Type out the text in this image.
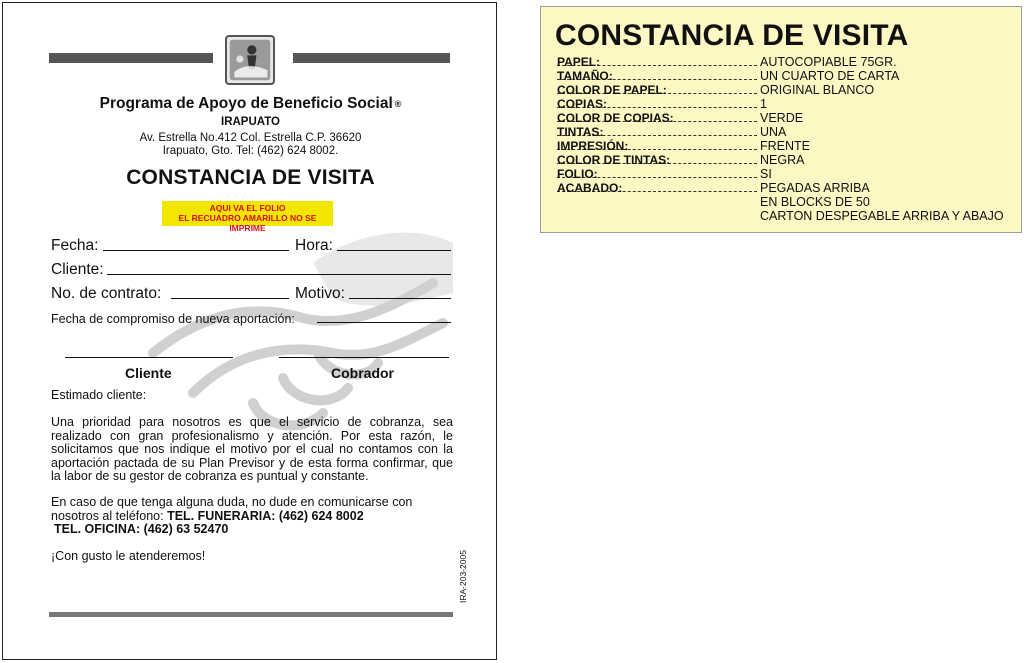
Programa de Apoyo de Beneficio Social ®
IRAPUATO
Av. Estrella No.412 Col. Estrella C.P. 36620
Irapuato, Gto. Tel: (462) 624 8002.
CONSTANCIA DE VISITA
AQUI VA EL FOLIO
EL RECUADRO AMARILLO NO SE IMPRIME
Fecha:	Hora:
Cliente:
No. de contrato:	Motivo:
Fecha de compromiso de nueva aportación:
Cliente	Cobrador
Estimado cliente:
Una prioridad para nosotros es que el servicio de cobranza, sea realizado con gran profesionalismo y atención. Por esta razón, le solicitamos que nos indique el motivo por el cual no contamos con la aportación pactada de su Plan Previsor y de esta forma confirmar, que la labor de su gestor de cobranza es puntual y constante.
En caso de que tenga alguna duda, no dude en comunicarse con nosotros al teléfono: TEL. FUNERARIA: (462) 624 8002
TEL. OFICINA: (462) 63 52470
¡Con gusto le atenderemos!	IRA-203-2005
CONSTANCIA DE VISITA
PAPEL:	AUTOCOPIABLE 75GR.
TAMAÑO:	UN CUARTO DE CARTA
COLOR DE PAPEL:	ORIGINAL BLANCO
COPIAS:	1
COLOR DE COPIAS:	VERDE
TINTAS:	UNA
IMPRESIÓN:	FRENTE
COLOR DE TINTAS:	NEGRA
FOLIO:	SI
ACABADO:	PEGADAS ARRIBA
EN BLOCKS DE 50
CARTON DESPEGABLE ARRIBA Y ABAJO
